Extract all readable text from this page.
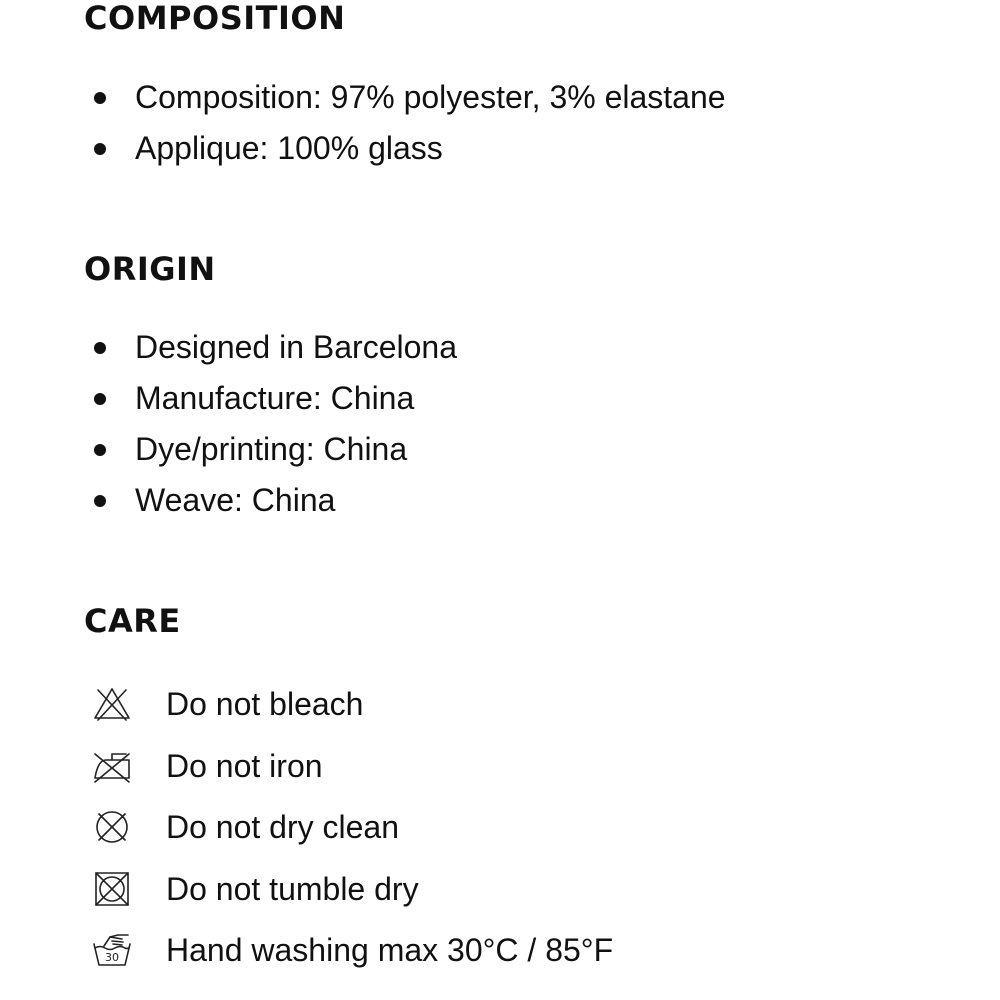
COMPOSITION
Composition: 97% polyester, 3% elastane
Applique: 100% glass
ORIGIN
Designed in Barcelona
Manufacture: China
Dye/printing: China
Weave: China
CARE
Do not bleach
Do not iron
Do not dry clean
Do not tumble dry
30 Hand washing max 30°C / 85°F
